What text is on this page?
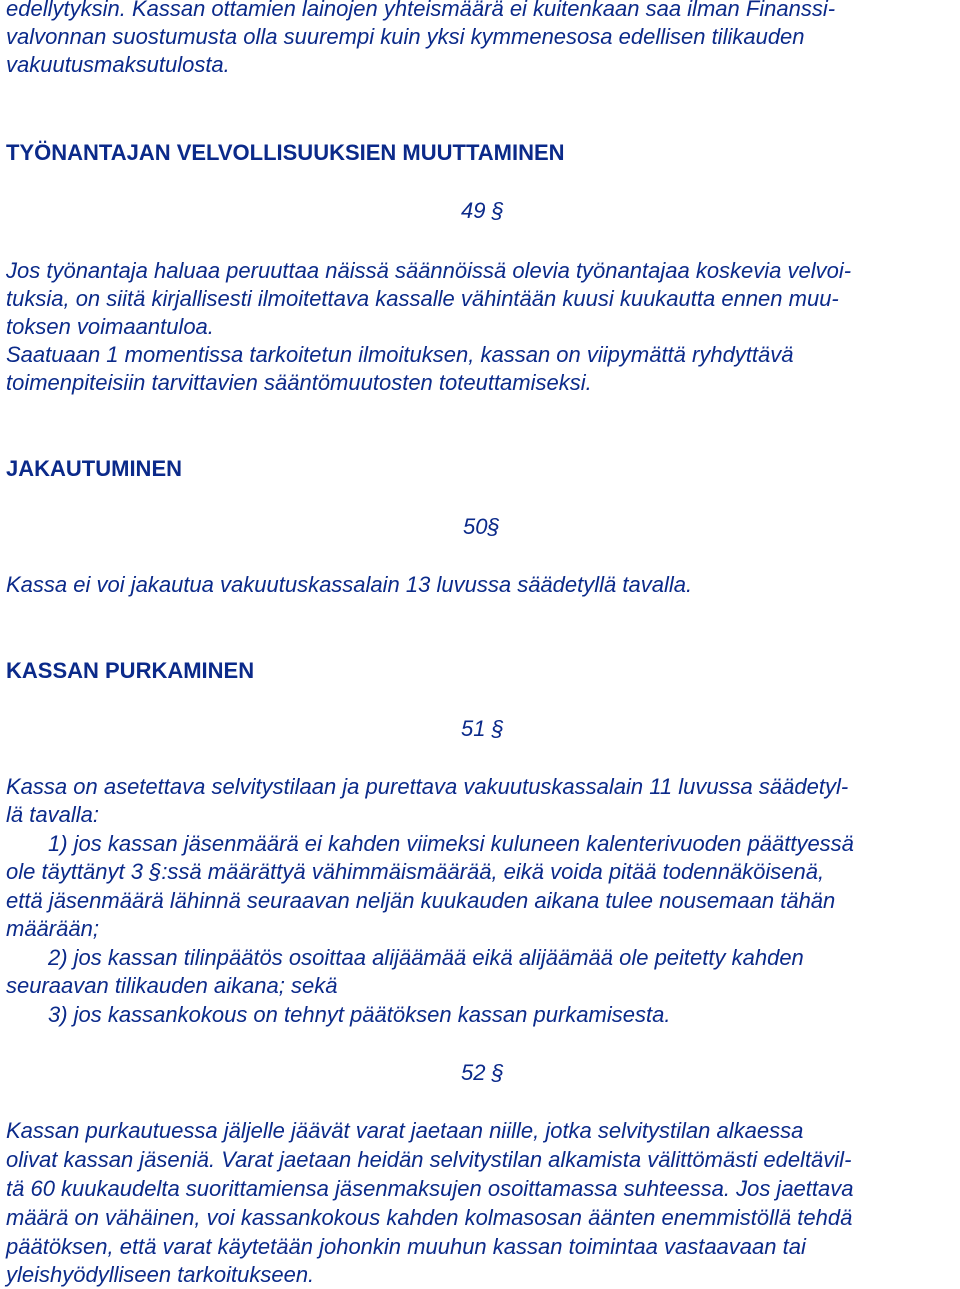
edellytyksin. Kassan ottamien lainojen yhteismäärä ei kuitenkaan saa ilman Finanssi-
valvonnan suostumusta olla suurempi kuin yksi kymmenesosa edellisen tilikauden
vakuutusmaksutulosta.
TYÖNANTAJAN VELVOLLISUUKSIEN MUUTTAMINEN
49 §
Jos työnantaja haluaa peruuttaa näissä säännöissä olevia työnantajaa koskevia velvoi-
tuksia, on siitä kirjallisesti ilmoitettava kassalle vähintään kuusi kuukautta ennen muu-
toksen voimaantuloa.
Saatuaan 1 momentissa tarkoitetun ilmoituksen, kassan on viipymättä ryhdyttävä
toimenpiteisiin tarvittavien sääntömuutosten toteuttamiseksi.
JAKAUTUMINEN
50§
Kassa ei voi jakautua vakuutuskassalain 13 luvussa säädetyllä tavalla.
KASSAN PURKAMINEN
51 §
Kassa on asetettava selvitystilaan ja purettava vakuutuskassalain 11 luvussa säädetyl-
lä tavalla:
1) jos kassan jäsenmäärä ei kahden viimeksi kuluneen kalenterivuoden päättyessä
ole täyttänyt 3 §:ssä määrättyä vähimmäismäärää, eikä voida pitää todennäköisenä,
että jäsenmäärä lähinnä seuraavan neljän kuukauden aikana tulee nousemaan tähän
määrään;
2) jos kassan tilinpäätös osoittaa alijäämää eikä alijäämää ole peitetty kahden
seuraavan tilikauden aikana; sekä
3) jos kassankokous on tehnyt päätöksen kassan purkamisesta.
52 §
Kassan purkautuessa jäljelle jäävät varat jaetaan niille, jotka selvitystilan alkaessa
olivat kassan jäseniä. Varat jaetaan heidän selvitystilan alkamista välittömästi edeltävil-
tä 60 kuukaudelta suorittamiensa jäsenmaksujen osoittamassa suhteessa. Jos jaettava
määrä on vähäinen, voi kassankokous kahden kolmasosan äänten enemmistöllä tehdä
päätöksen, että varat käytetään johonkin muuhun kassan toimintaa vastaavaan tai
yleishyödylliseen tarkoitukseen.
